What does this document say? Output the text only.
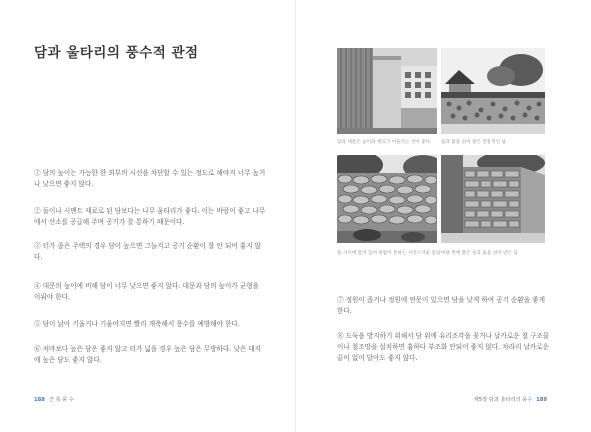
담과 울타리의 풍수적 관점

① 담의 높이는 가능한 한 외부의 시선을 차단할 수 있는 정도로 해야지 너무 높거나 낮으면 좋지 않다.

② 돌이나 시멘트 재료로 된 담보다는 나무 울타리가 좋다. 이는 바람이 좋고 나무에서 산소를 공급해 주며 공기가 잘 통하기 때문이다.

③ 터가 좁은 주택의 경우 담이 높으면 그늘지고 공기 순환이 잘 안 되어 흉지 않다.

④ 대문의 높이에 비해 담이 너무 낮으면 좋지 않다. 대문과 담의 높이가 균형을 이뤄야 한다.

⑤ 담이 낡아 기울거나 기울어지면 빨리 개축해서 풍수를 예방해야 한다.

⑥ 처마보다 높은 담은 좋지 않고 터가 넓을 경우 높은 담은 무방하다. 낮은 대지에 높은 담도 좋지 않다.

188 건 축 풍 수

담과 대문은 높이와 재료가 어울리는 것이 좋다. 돌과 흙을 섞어 쌓은 전통적인 담

돌 사이에 틈이 있어 바람이 통하는 자연스러운 돌담 마당 쪽에 쌓은 돌과 흙을 섞어 만든 담

⑦ 정원이 좁거나 정원에 연못이 있으면 담을 낮게 하여 공기 순환을 좋게 한다.

⑧ 도둑을 방지하기 위해서 담 위에 유리조각을 꽂거나 날카로운 철 구조물이나 철조망을 설치하면 흉하다 부조화 안되어 좋지 않다. 차라리 날카로운 끝이 없어 달아도 좋지 않다.

제5장 담과 울타리의 풍수 189
